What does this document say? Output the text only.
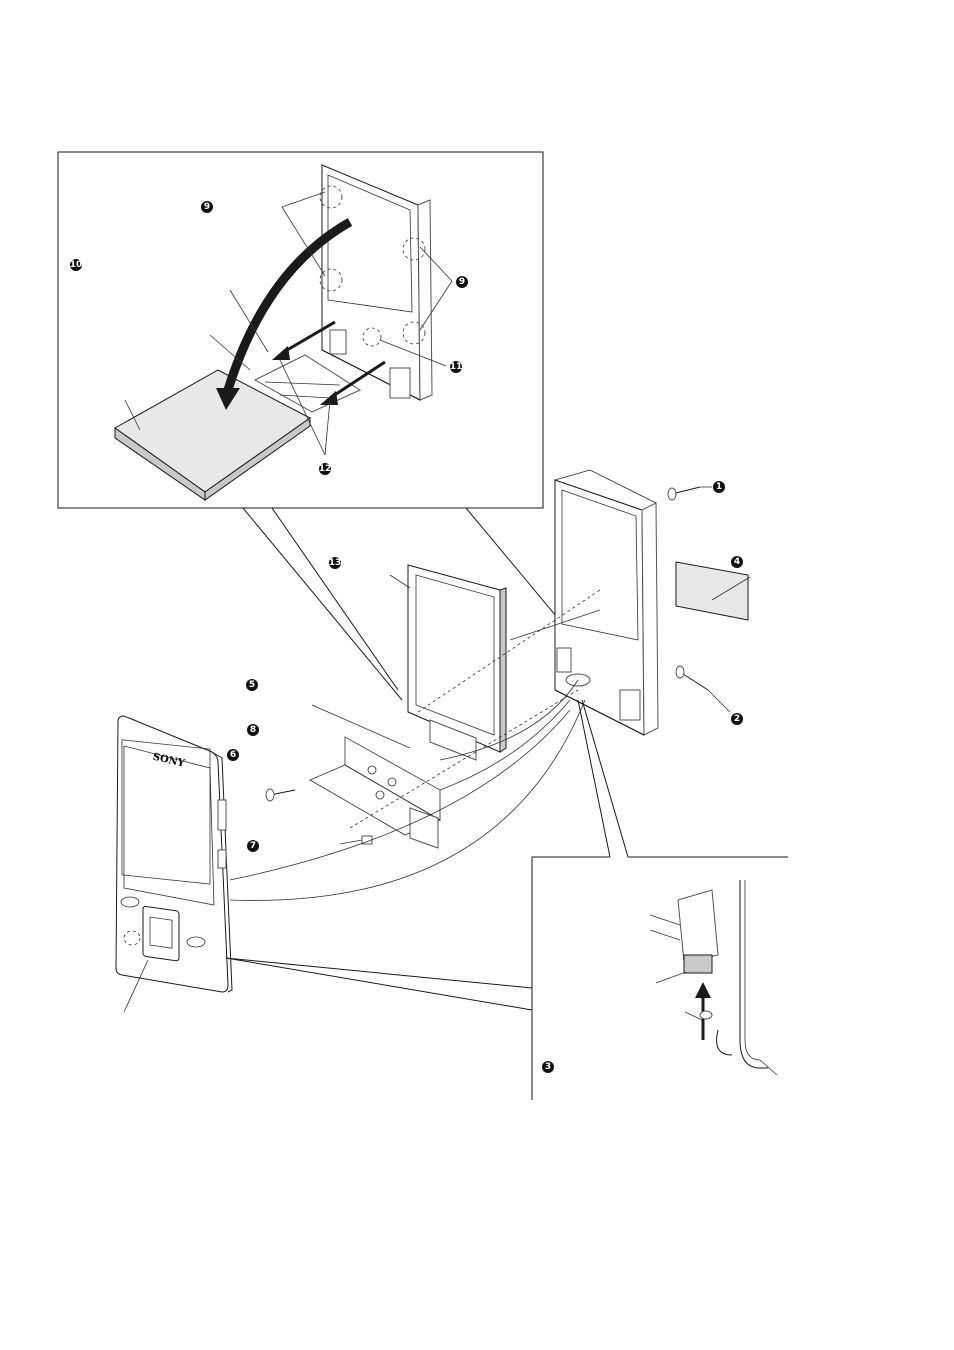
SONY
9
10
9
11
12
1
13	4
5
2
8
6
7
3
